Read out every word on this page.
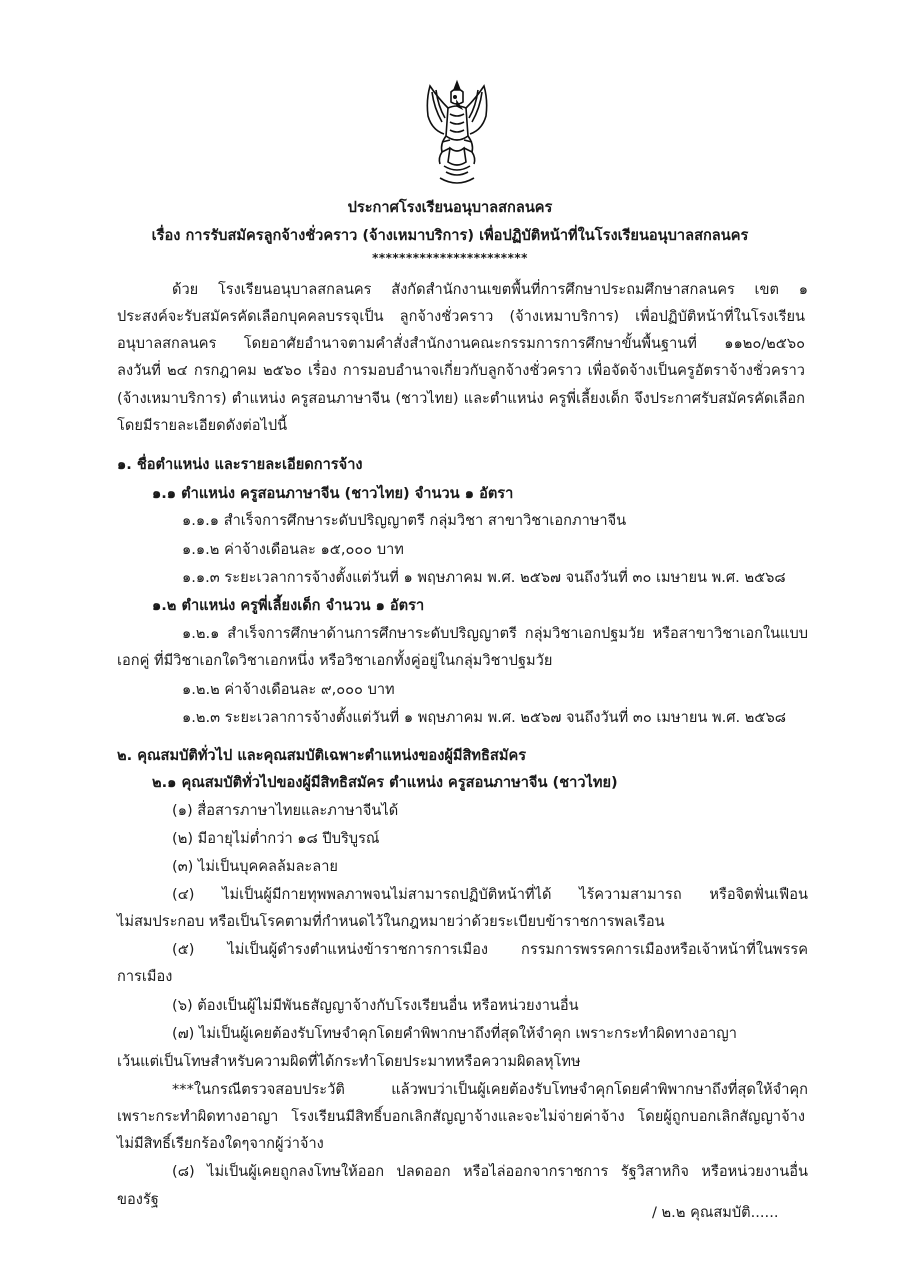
ประกาศโรงเรียนอนุบาลสกลนคร
เรื่อง การรับสมัครลูกจ้างชั่วคราว (จ้างเหมาบริการ) เพื่อปฏิบัติหน้าที่ในโรงเรียนอนุบาลสกลนคร
***********************
ด้วย โรงเรียนอนุบาลสกลนคร สังกัดสำนักงานเขตพื้นที่การศึกษาประถมศึกษาสกลนคร เขต ๑
ประสงค์จะรับสมัครคัดเลือกบุคคลบรรจุเป็น ลูกจ้างชั่วคราว (จ้างเหมาบริการ) เพื่อปฏิบัติหน้าที่ในโรงเรียน
อนุบาลสกลนคร โดยอาศัยอำนาจตามคำสั่งสำนักงานคณะกรรมการการศึกษาขั้นพื้นฐานที่ ๑๑๒๐/๒๕๖๐
ลงวันที่ ๒๔ กรกฎาคม ๒๕๖๐ เรื่อง การมอบอำนาจเกี่ยวกับลูกจ้างชั่วคราว เพื่อจัดจ้างเป็นครูอัตราจ้างชั่วคราว
(จ้างเหมาบริการ) ตำแหน่ง ครูสอนภาษาจีน (ชาวไทย) และตำแหน่ง ครูพี่เลี้ยงเด็ก จึงประกาศรับสมัครคัดเลือก
โดยมีรายละเอียดดังต่อไปนี้
๑. ชื่อตำแหน่ง และรายละเอียดการจ้าง
๑.๑ ตำแหน่ง ครูสอนภาษาจีน (ชาวไทย) จำนวน ๑ อัตรา
๑.๑.๑ สำเร็จการศึกษาระดับปริญญาตรี กลุ่มวิชา สาขาวิชาเอกภาษาจีน
๑.๑.๒ ค่าจ้างเดือนละ ๑๕,๐๐๐ บาท
๑.๑.๓ ระยะเวลาการจ้างตั้งแต่วันที่ ๑ พฤษภาคม พ.ศ. ๒๕๖๗ จนถึงวันที่ ๓๐ เมษายน พ.ศ. ๒๕๖๘
๑.๒ ตำแหน่ง ครูพี่เลี้ยงเด็ก จำนวน ๑ อัตรา
๑.๒.๑ สำเร็จการศึกษาด้านการศึกษาระดับปริญญาตรี กลุ่มวิชาเอกปฐมวัย หรือสาขาวิชาเอกในแบบ
เอกคู่ ที่มีวิชาเอกใดวิชาเอกหนึ่ง หรือวิชาเอกทั้งคู่อยู่ในกลุ่มวิชาปฐมวัย
๑.๒.๒ ค่าจ้างเดือนละ ๙,๐๐๐ บาท
๑.๒.๓ ระยะเวลาการจ้างตั้งแต่วันที่ ๑ พฤษภาคม พ.ศ. ๒๕๖๗ จนถึงวันที่ ๓๐ เมษายน พ.ศ. ๒๕๖๘
๒. คุณสมบัติทั่วไป และคุณสมบัติเฉพาะตำแหน่งของผู้มีสิทธิสมัคร
๒.๑ คุณสมบัติทั่วไปของผู้มีสิทธิสมัคร ตำแหน่ง ครูสอนภาษาจีน (ชาวไทย)
(๑) สื่อสารภาษาไทยและภาษาจีนได้
(๒) มีอายุไม่ต่ำกว่า ๑๘ ปีบริบูรณ์
(๓) ไม่เป็นบุคคลล้มละลาย
(๔) ไม่เป็นผู้มีกายทุพพลภาพจนไม่สามารถปฏิบัติหน้าที่ได้ ไร้ความสามารถ หรือจิตฟั่นเฟือน
ไม่สมประกอบ หรือเป็นโรคตามที่กำหนดไว้ในกฎหมายว่าด้วยระเบียบข้าราชการพลเรือน
(๕) ไม่เป็นผู้ดำรงตำแหน่งข้าราชการการเมือง กรรมการพรรคการเมืองหรือเจ้าหน้าที่ในพรรค
การเมือง
(๖) ต้องเป็นผู้ไม่มีพันธสัญญาจ้างกับโรงเรียนอื่น หรือหน่วยงานอื่น
(๗) ไม่เป็นผู้เคยต้องรับโทษจำคุกโดยคำพิพากษาถึงที่สุดให้จำคุก เพราะกระทำผิดทางอาญา
เว้นแต่เป็นโทษสำหรับความผิดที่ได้กระทำโดยประมาทหรือความผิดลหุโทษ
***ในกรณีตรวจสอบประวัติ แล้วพบว่าเป็นผู้เคยต้องรับโทษจำคุกโดยคำพิพากษาถึงที่สุดให้จำคุก
เพราะกระทำผิดทางอาญา โรงเรียนมีสิทธิ์บอกเลิกสัญญาจ้างและจะไม่จ่ายค่าจ้าง โดยผู้ถูกบอกเลิกสัญญาจ้าง
ไม่มีสิทธิ์เรียกร้องใดๆจากผู้ว่าจ้าง
(๘) ไม่เป็นผู้เคยถูกลงโทษให้ออก ปลดออก หรือไล่ออกจากราชการ รัฐวิสาหกิจ หรือหน่วยงานอื่น
ของรัฐ
/ ๒.๒ คุณสมบัติ......
